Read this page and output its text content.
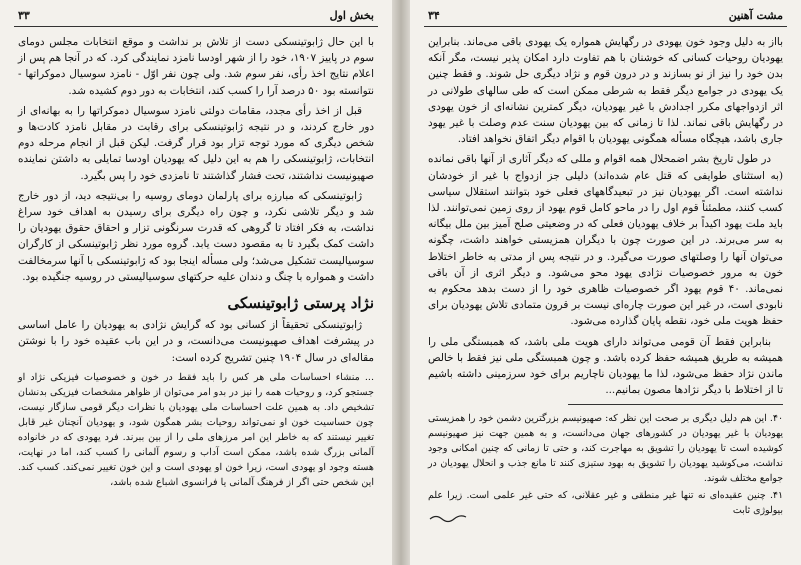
بخش اول
۳۳

با این حال ژابوتینسکی دست از تلاش بر نداشت و موقع انتخابات مجلس دومای سوم در پاییز ۱۹۰۷، خود را از شهر اودسا نامزد نمایندگی کرد. که در آنجا هم پس از اعلام نتایج اخذ رأی، نفر سوم شد. ولی چون نفر اوّل - نامزد سوسیال دموکراتها - نتوانسته بود ۵۰ درصد آرا را کسب کند، انتخابات به دور دوم کشیده شد.

قبل از اخذ رأی مجدد، مقامات دولتی نامزد سوسیال دموکراتها را به بهانه‌ای از دور خارج کردند، و در نتیجه ژابوتینسکی برای رقابت در مقابل نامزد کادت‌ها و شخص دیگری که مورد توجه تزار بود قرار گرفت. لیکن قبل از انجام مرحله دوم انتخابات، ژابوتینسکی را هم به این دلیل که یهودیان اودسا تمایلی به داشتن نماینده صهیونیست نداشتند، تحت فشار گذاشتند تا نامزدی خود را پس بگیرد.

ژابوتینسکی که مبارزه برای پارلمان دومای روسیه را بی‌نتیجه دید، از دور خارج شد و دیگر تلاشی نکرد، و چون راه دیگری برای رسیدن به اهداف خود سراغ نداشت، به فکر افتاد تا گروهی که قدرت سرنگونی تزار و احقاق حقوق یهودیان را داشت کمک بگیرد تا به مقصود دست یابد. گروه مورد نظر ژابوتینسکی از کارگران سوسیالیست تشکیل می‌شد؛ ولی مسأله اینجا بود که ژابوتینسکی با آنها سرمخالفت داشت و همواره با چنگ و دندان علیه حرکتهای سوسیالیستی در روسیه جنگیده بود.

نژاد پرستی ژابوتینسکی

ژابوتینسکی تحقیقاً از کسانی بود که گرایش نژادی به یهودیان را عامل اساسی در پیشرفت اهداف صهیونیست می‌دانست، و در این باب عقیده خود را با نوشتن مقاله‌ای در سال ۱۹۰۴ چنین تشریح کرده است:

... منشاء احساسات ملی هر کس را باید فقط در خون و خصوصیات فیزیکی نژاد او جستجو کرد، و روحیات همه را نیز در بدو امر می‌توان از ظواهر مشخصات فیزیکی بدنشان تشخیص داد. به همین علت احساسات ملی یهودیان با نظرات دیگر قومی سازگار نیست، چون حساسیت خون او نمی‌تواند روحیات بشر همگون شود، و یهودیان آنچنان غیر قابل تغییر نیستند که به خاطر این امر مرزهای ملی را از بین ببرند. فرد یهودی که در خانواده آلمانی بزرگ شده باشد، ممکن است آداب و رسوم آلمانی را کسب کند، اما در نهایت، هسته وجود او یهودی است، زیرا خون او یهودی است و این خون تغییر نمی‌کند. کسب کند. این شخص حتی اگر از فرهنگ آلمانی یا فرانسوی اشباع شده باشد،

مشت آهنین
۳۴

بااز به دلیل وجود خون یهودی در رگهایش همواره یک یهودی باقی می‌ماند. بنابراین یهودیان روحیات کسانی که خوشنان با هم تفاوت دارد امکان پذیر نیست، مگر آنکه بدن خود را نیز از نو بسازند و در درون قوم و نژاد دیگری حل شوند. و فقط چنین یک یهودی در جوامع دیگر فقط به شرطی ممکن است که طی سالهای طولانی در اثر ازدواجهای مکرر اجدادش با غیر یهودیان، دیگر کمترین نشانه‌ای از خون یهودی در رگهایش باقی نماند. لذا تا زمانی که بین یهودیان سنت عدم وصلت با غیر یهود جاری باشد، هیچگاه مسأله همگونی یهودیان با اقوام دیگر اتفاق نخواهد افتاد.

در طول تاریخ بشر اضمحلال همه اقوام و مللی که دیگر آثاری از آنها باقی نمانده (به استثنای طوایفی که قتل عام شده‌اند) دلیلی جز ازدواج با غیر از خودشان نداشته است. اگر یهودیان نیز در تبعیدگاههای فعلی خود بتوانند استقلال سیاسی کسب کنند، مطمئناً قوم اول را در ماحو کامل قوم یهود از روی زمین نمی‌توانند. لذا باید ملت یهود اکیداً بر خلاف یهودیان فعلی که در وضعیتی صلح آمیز بین ملل بیگانه به سر می‌برند. در این صورت چون با دیگران همزیستی خواهند داشت، چگونه می‌توان آنها را وصلتهای صورت می‌گیرد. و در نتیجه پس از مدتی به خاطر اختلاط خون به مرور خصوصیات نژادی یهود محو می‌شود. و دیگر اثری از آن باقی نمی‌ماند. ۴۰ قوم یهود اگر خصوصیات ظاهری خود را از دست بدهد محکوم به نابودی است، در غیر این صورت چاره‌ای نیست بر قرون متمادی تلاش یهودیان برای حفظ هویت ملی خود، نقطه پایان گذارده می‌شود.

بنابراین فقط آن قومی می‌تواند دارای هویت ملی باشد، که همبستگی ملی را همیشه به طریق همیشه حفظ کرده باشد. و چون همبستگی ملی نیز فقط با خالص ماندن نژاد حفظ می‌شود، لذا ما یهودیان ناچاریم برای خود سرزمینی داشته باشیم تا از اختلاط با دیگر نژادها مصون بمانیم...

۴۰. این هم دلیل دیگری بر صحت این نظر که: صهیونیسم بزرگترین دشمن خود را همزیستی یهودیان با غیر یهودیان در کشورهای جهان می‌دانست، و به همین جهت نیز صهیونیسم کوشیده است تا یهودیان را تشویق به مهاجرت کند، و حتی تا زمانی که چنین امکانی وجود نداشت، می‌کوشید یهودیان را تشویق به بهود ستیزی کنند تا مانع جذب و انحلال یهودیان در جوامع مختلف شوند.

۴۱. چنین عقیده‌ای نه تنها غیر منطقی و غیر عقلانی، که حتی غیر علمی است. زیرا علم بیولوژی ثابت
